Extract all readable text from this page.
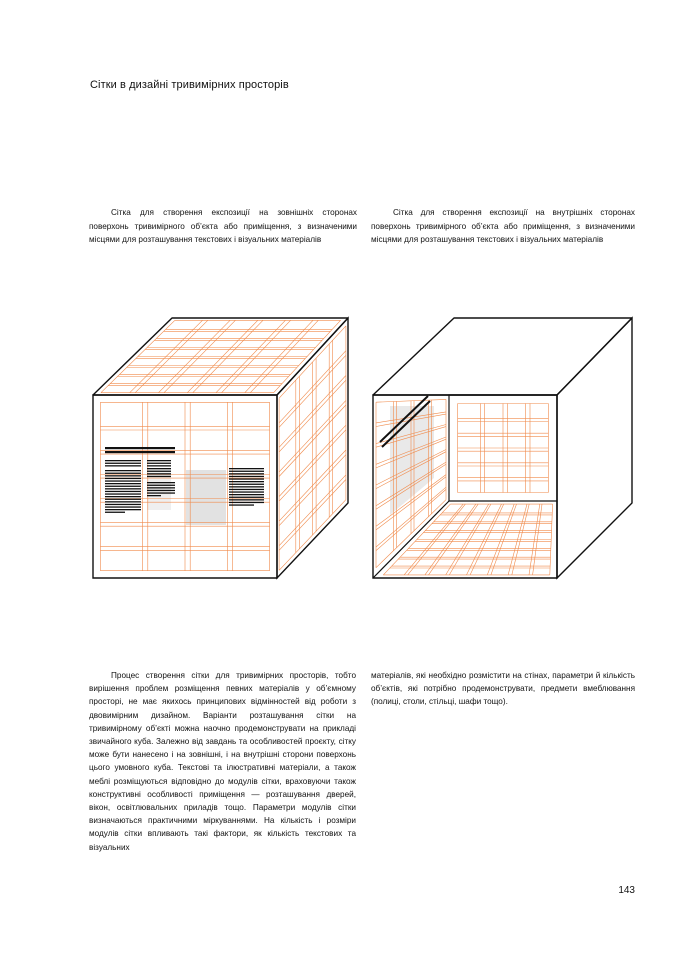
Сітки в дизайні тривимірних просторів

Сітка для створення експозиції на зовнішніх сторонах поверхонь тривимірного об’єкта або приміщення, з визначеними місцями для розташування текстових і візуальних матеріалів

Сітка для створення експозиції на внутрішніх сторонах поверхонь тривимірного об’єкта або приміщення, з визначеними місцями для розташування текстових і візуальних матеріалів

Процес створення сітки для тривимірних просторів, тобто вирішення проблем розміщення певних матеріалів у об’ємному просторі, не має якихось принципових відмінностей від роботи з двовимірним дизайном. Варіанти розташування сітки на тривимірному об’єкті можна наочно продемонструвати на прикладі звичайного куба. Залежно від завдань та особливостей проєкту, сітку може бути нанесено і на зовнішні, і на внутрішні сторони поверхонь цього умовного куба. Текстові та ілюстративні матеріали, а також меблі розміщуються відповідно до модулів сітки, враховуючи також конструктивні особливості приміщення — розташування дверей, вікон, освітлювальних приладів тощо. Параметри модулів сітки визначаються практичними міркуваннями. На кількість і розміри модулів сітки впливають такі фактори, як кількість текстових та візуальних

матеріалів, які необхідно розмістити на стінах, параметри й кількість об’єктів, які потрібно продемонструвати, предмети вмеблювання (полиці, столи, стільці, шафи тощо).

143
